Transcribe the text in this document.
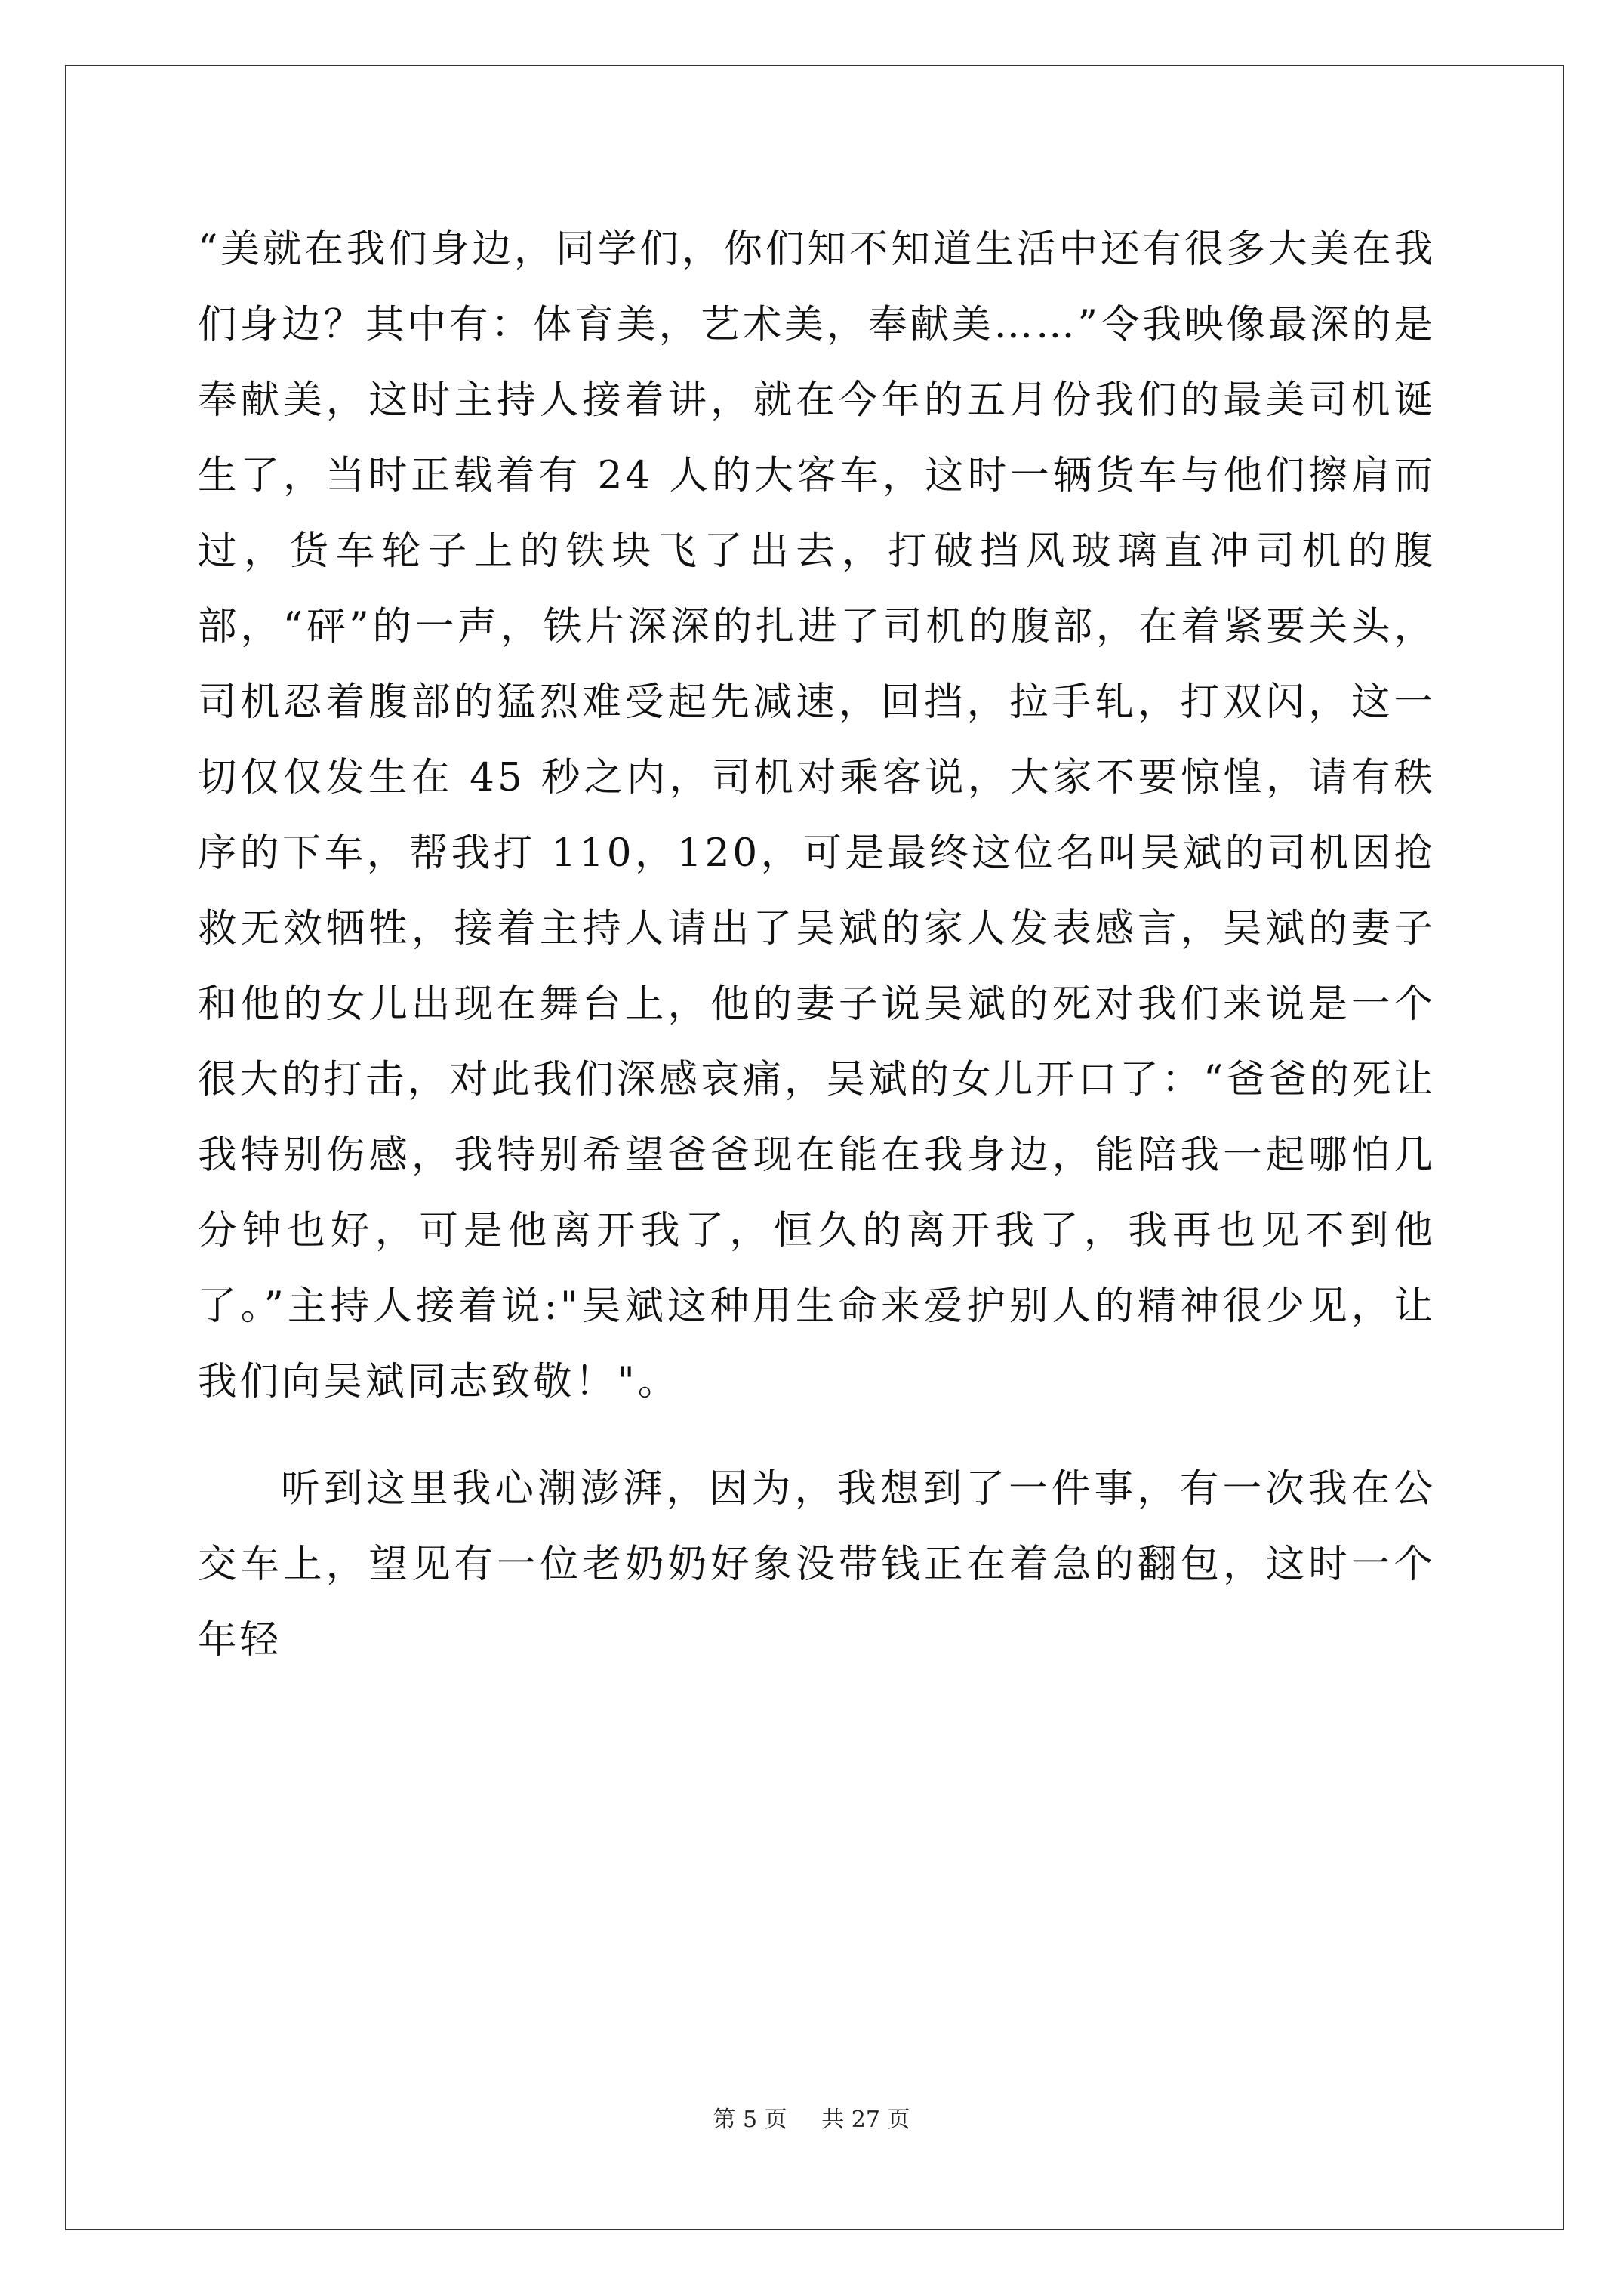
“美就在我们身边，同学们，你们知不知道生活中还有很多大美在我们身边？其中有：体育美，艺术美，奉献美……”令我映像最深的是奉献美，这时主持人接着讲，就在今年的五月份我们的最美司机诞生了，当时正载着有 24 人的大客车，这时一辆货车与他们擦肩而过，货车轮子上的铁块飞了出去，打破挡风玻璃直冲司机的腹部，“砰”的一声，铁片深深的扎进了司机的腹部，在着紧要关头，司机忍着腹部的猛烈难受起先减速，回挡，拉手轧，打双闪，这一切仅仅发生在 45 秒之内，司机对乘客说，大家不要惊惶，请有秩序的下车，帮我打 110，120，可是最终这位名叫吴斌的司机因抢救无效牺牲，接着主持人请出了吴斌的家人发表感言，吴斌的妻子和他的女儿出现在舞台上，他的妻子说吴斌的死对我们来说是一个很大的打击，对此我们深感哀痛，吴斌的女儿开口了：“爸爸的死让我特别伤感，我特别希望爸爸现在能在我身边，能陪我一起哪怕几分钟也好，可是他离开我了，恒久的离开我了，我再也见不到他了。”主持人接着说:"吴斌这种用生命来爱护别人的精神很少见，让我们向吴斌同志致敬！"。

听到这里我心潮澎湃，因为，我想到了一件事，有一次我在公交车上，望见有一位老奶奶好象没带钱正在着急的翻包，这时一个年轻

第 5 页 共 27 页
